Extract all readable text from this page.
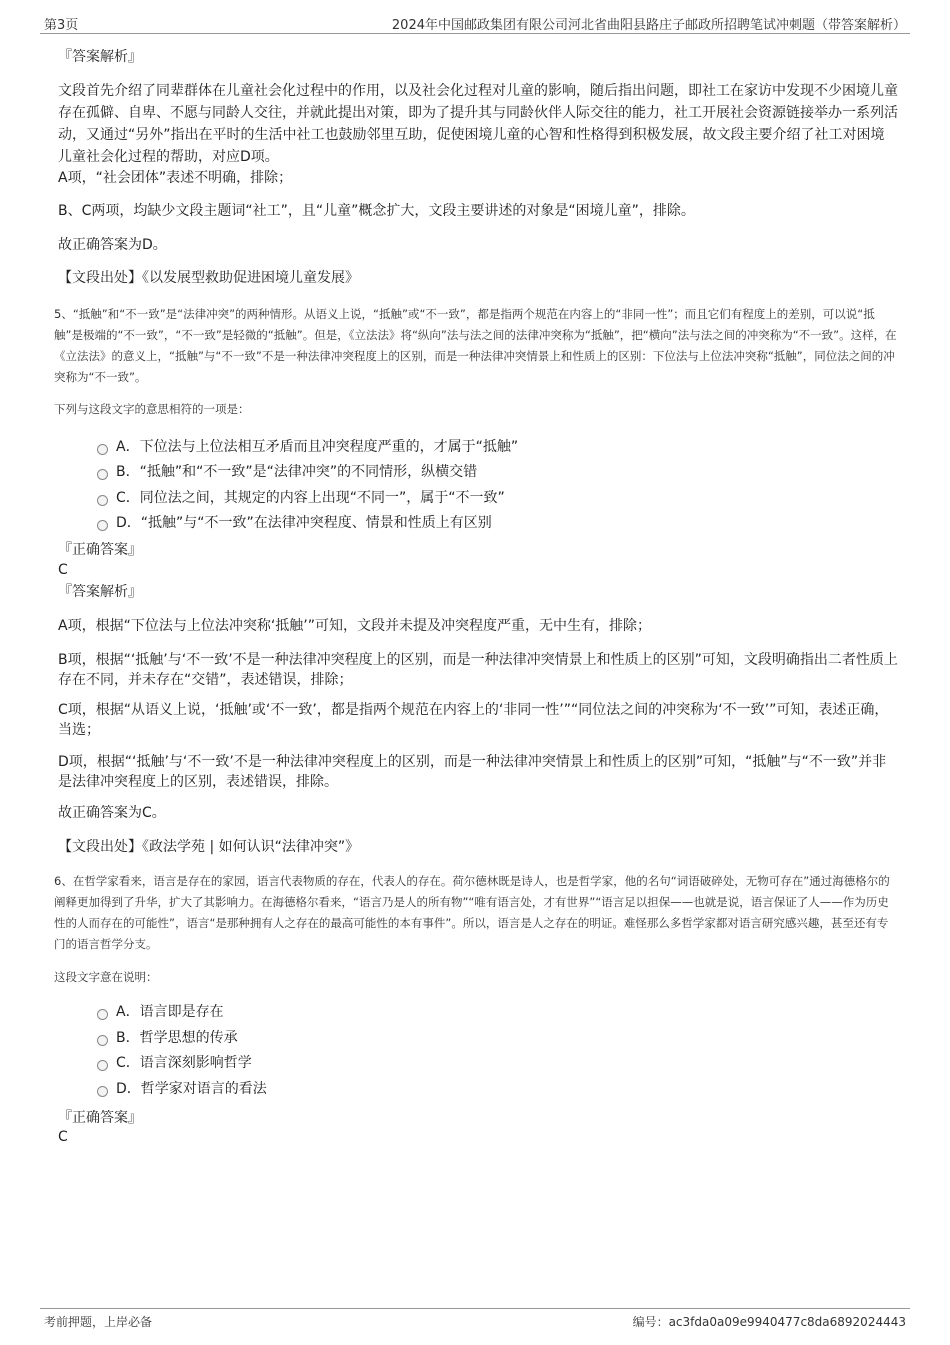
第3页	2024年中国邮政集团有限公司河北省曲阳县路庄子邮政所招聘笔试冲刺题（带答案解析）
『答案解析』
文段首先介绍了同辈群体在儿童社会化过程中的作用，以及社会化过程对儿童的影响，随后指出问题，即社工在家访中发现不少困境儿童存在孤僻、自卑、不愿与同龄人交往，并就此提出对策，即为了提升其与同龄伙伴人际交往的能力，社工开展社会资源链接举办一系列活动，又通过“另外”指出在平时的生活中社工也鼓励邻里互助，促使困境儿童的心智和性格得到积极发展，故文段主要介绍了社工对困境儿童社会化过程的帮助，对应D项。
A项，“社会团体”表述不明确，排除；
B、C两项，均缺少文段主题词“社工”，且“儿童”概念扩大，文段主要讲述的对象是“困境儿童”，排除。
故正确答案为D。
【文段出处】《以发展型救助促进困境儿童发展》
5、“抵触”和“不一致”是“法律冲突”的两种情形。从语义上说，“抵触”或“不一致”，都是指两个规范在内容上的“非同一性”；而且它们有程度上的差别，可以说“抵触”是极端的“不一致”，“不一致”是轻微的“抵触”。但是，《立法法》将“纵向”法与法之间的法律冲突称为“抵触”，把“横向”法与法之间的冲突称为“不一致”。这样，在《立法法》的意义上，“抵触”与“不一致”不是一种法律冲突程度上的区别，而是一种法律冲突情景上和性质上的区别：下位法与上位法冲突称“抵触”，同位法之间的冲突称为“不一致”。
下列与这段文字的意思相符的一项是：
A．下位法与上位法相互矛盾而且冲突程度严重的，才属于“抵触”
B．“抵触”和“不一致”是“法律冲突”的不同情形，纵横交错
C．同位法之间，其规定的内容上出现“不同一”，属于“不一致”
D．“抵触”与“不一致”在法律冲突程度、情景和性质上有区别
『正确答案』
C
『答案解析』
A项，根据“下位法与上位法冲突称‘抵触’”可知，文段并未提及冲突程度严重，无中生有，排除；
B项，根据“‘抵触’与‘不一致’不是一种法律冲突程度上的区别，而是一种法律冲突情景上和性质上的区别”可知，文段明确指出二者性质上存在不同，并未存在“交错”，表述错误，排除；
C项，根据“从语义上说，‘抵触’或‘不一致’，都是指两个规范在内容上的‘非同一性’”“同位法之间的冲突称为‘不一致’”可知，表述正确，当选；
D项，根据“‘抵触’与‘不一致’不是一种法律冲突程度上的区别，而是一种法律冲突情景上和性质上的区别”可知，“抵触”与“不一致”并非是法律冲突程度上的区别，表述错误，排除。
故正确答案为C。
【文段出处】《政法学苑 | 如何认识“法律冲突”》
6、在哲学家看来，语言是存在的家园，语言代表物质的存在，代表人的存在。荷尔德林既是诗人，也是哲学家，他的名句“词语破碎处，无物可存在”通过海德格尔的阐释更加得到了升华，扩大了其影响力。在海德格尔看来，“语言乃是人的所有物”“唯有语言处，才有世界”“语言足以担保——也就是说，语言保证了人——作为历史性的人而存在的可能性”，语言“是那种拥有人之存在的最高可能性的本有事件”。所以，语言是人之存在的明证。难怪那么多哲学家都对语言研究感兴趣，甚至还有专门的语言哲学分支。
这段文字意在说明：
A．语言即是存在
B．哲学思想的传承
C．语言深刻影响哲学
D．哲学家对语言的看法
『正确答案』
C
考前押题，上岸必备	编号：ac3fda0a09e9940477c8da6892024443
